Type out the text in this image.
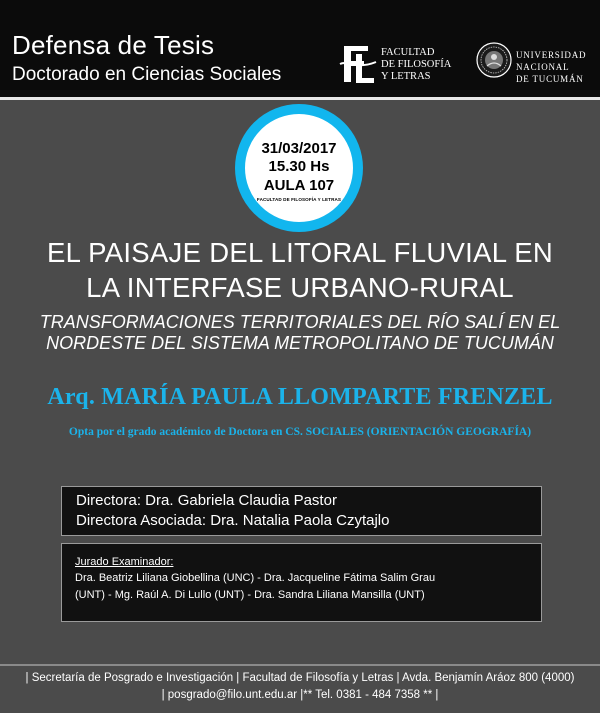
Defensa de Tesis
Doctorado en Ciencias Sociales
FACULTAD
DE FILOSOFÍA
Y LETRAS
UNIVERSIDAD
NACIONAL
DE TUCUMÁN
31/03/2017
15.30 Hs
AULA 107
FACULTAD DE FILOSOFÍA Y LETRAS
EL PAISAJE DEL LITORAL FLUVIAL EN
LA INTERFASE URBANO-RURAL
TRANSFORMACIONES TERRITORIALES DEL RÍO SALÍ EN EL
NORDESTE DEL SISTEMA METROPOLITANO DE TUCUMÁN
Arq. MARÍA PAULA LLOMPARTE FRENZEL
Opta por el grado académico de Doctora en CS. SOCIALES (ORIENTACIÓN GEOGRAFÍA)
Directora: Dra. Gabriela Claudia Pastor
Directora Asociada: Dra. Natalia Paola Czytajlo
Jurado Examinador:
Dra. Beatriz Liliana Giobellina (UNC) - Dra. Jacqueline Fátima Salim Grau
(UNT) - Mg. Raúl A. Di Lullo (UNT) - Dra. Sandra Liliana Mansilla (UNT)
| Secretaría de Posgrado e Investigación | Facultad de Filosofía y Letras | Avda. Benjamín Aráoz 800 (4000)
| posgrado@filo.unt.edu.ar |** Tel. 0381 - 484 7358 ** |
